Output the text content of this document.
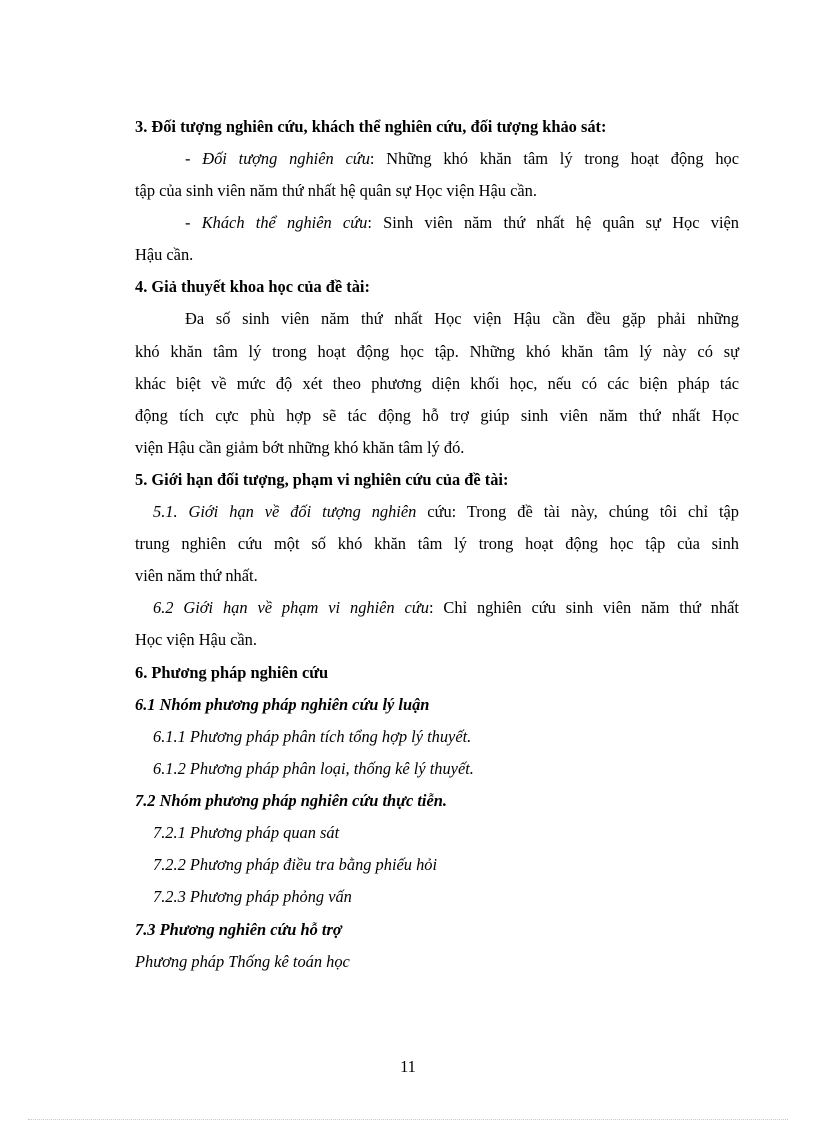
3. Đối tượng nghiên cứu, khách thể nghiên cứu, đối tượng khảo sát:

- Đối tượng nghiên cứu: Những khó khăn tâm lý trong hoạt động học

tập của sinh viên năm thứ nhất hệ quân sự Học viện Hậu cần.

- Khách thể nghiên cứu: Sinh viên năm thứ nhất hệ quân sự Học viện

Hậu cần.

4. Giả thuyết khoa học của đề tài:

Đa số sinh viên năm thứ nhất Học viện Hậu cần đều gặp phải những

khó khăn tâm lý trong hoạt động học tập. Những khó khăn tâm lý này có sự

khác biệt về mức độ xét theo phương diện khối học, nếu có các biện pháp tác

động tích cực phù hợp sẽ tác động hỗ trợ giúp sinh viên năm thứ nhất Học

viện Hậu cần giảm bớt những khó khăn tâm lý đó.

5. Giới hạn đối tượng, phạm vi nghiên cứu của đề tài:

5.1. Giới hạn về đối tượng nghiên cứu: Trong đề tài này, chúng tôi chỉ tập

trung nghiên cứu một số khó khăn tâm lý trong hoạt động học tập của sinh

viên năm thứ nhất.

6.2 Giới hạn về phạm vi nghiên cứu: Chỉ nghiên cứu sinh viên năm thứ nhất

Học viện Hậu cần.

6. Phương pháp nghiên cứu

6.1 Nhóm phương pháp nghiên cứu lý luận

6.1.1 Phương pháp phân tích tổng hợp lý thuyết.

6.1.2 Phương pháp phân loại, thống kê lý thuyết.

7.2 Nhóm phương pháp nghiên cứu thực tiễn.

7.2.1 Phương pháp quan sát

7.2.2 Phương pháp điều tra bằng phiếu hỏi

7.2.3 Phương pháp phỏng vấn

7.3 Phương nghiên cứu hỗ trợ

Phương pháp Thống kê toán học

11
